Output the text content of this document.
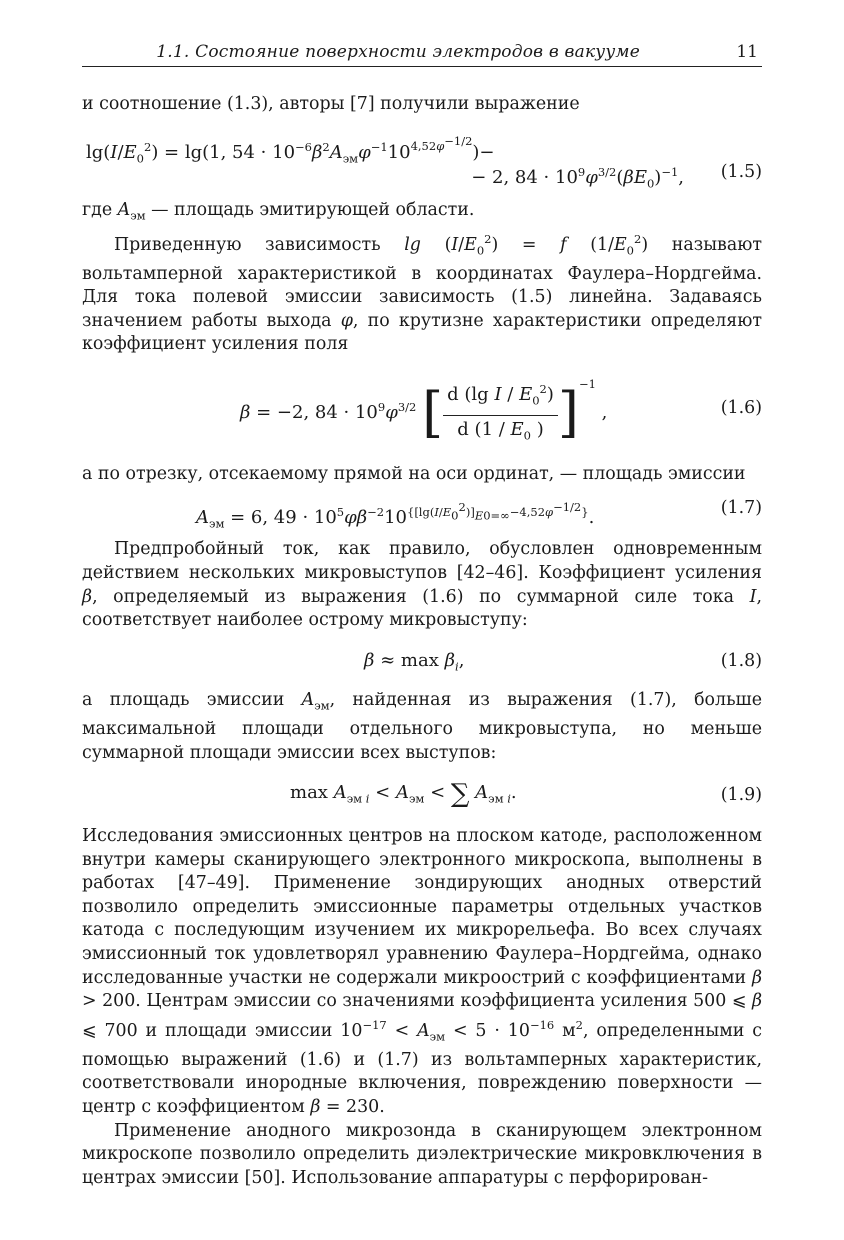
1.1. Состояние поверхности электродов в вакууме	11

и соотношение (1.3), авторы [7] получили выражение

$\lg(I/E_0^2) = \lg(1$, $54 \cdot 10^{-6}\beta^2A_{эм}\varphi^{-1}10^{4,52\varphi^{-1/2}})-$
− 2, $84 \cdot 10^9\varphi^{3/2}(\beta E_0)^{-1}$, (1.5)

где $A_{эм}$ — площадь эмитирующей области.

Приведенную зависимость $\lg (I/E_0^2) = f$ $(1/E_0^2)$ называют вольтамперной характеристикой в координатах Фаулера–Нордгейма. Для тока полевой эмиссии зависимость (1.5) линейна. Задаваясь значением работы выхода φ, по крутизне характеристики определяют коэффициент усиления поля

β = −2, $84 \cdot 10^9\varphi^{3/2}$ [ $\frac{d (\lg I / E_0^2)}{d (1 / E_0 )} ]^{-1}$ ,	(1.6)

а по отрезку, отсекаемому прямой на оси ординат, — площадь эмиссии

$A_{эм} = 6$, $49 \cdot 10^5\varphi\beta^{-2}10^{\{[lg(I/E_0^2)]_{E0=\infty}-4,52\varphi^{-1/2}\}}$.	(1.7)

Предпробойный ток, как правило, обусловлен одновременным действием нескольких микровыступов [42–46]. Коэффициент усиления β, определяемый из выражения (1.6) по суммарной силе тока I, соответствует наиболее острому микровыступу:

$\beta \approx \max \beta_i$,	(1.8)

а площадь эмиссии $A_{эм}$, найденная из выражения (1.7), больше максимальной площади отдельного микровыступа, но меньше суммарной площади эмиссии всех выступов:

$\max A_{эм i} < A_{эм}$ < ∑ $A_{эм i}$.	(1.9)

Исследования эмиссионных центров на плоском катоде, расположенном внутри камеры сканирующего электронного микроскопа, выполнены в работах [47–49]. Применение зондирующих анодных отверстий позволило определить эмиссионные параметры отдельных участков катода с последующим изучением их микрорельефа. Во всех случаях эмиссионный ток удовлетворял уравнению Фаулера–Нордгейма, однако исследованные участки не содержали микроострий с коэффициентами β > 200. Центрам эмиссии со значениями коэффициента усиления 500 ⩽ β ⩽ 700 и площади эмиссии $10^{-17} < A_{эм} < 5 \cdot 10^{-16}$ $м^2$, определенными с помощью выражений (1.6) и (1.7) из вольтамперных характеристик, соответствовали инородные включения, повреждению поверхности — центр с коэффициентом β = 230.

Применение анодного микрозонда в сканирующем электронном микроскопе позволило определить диэлектрические микровключения в центрах эмиссии [50]. Использование аппаратуры с перфорирован-
